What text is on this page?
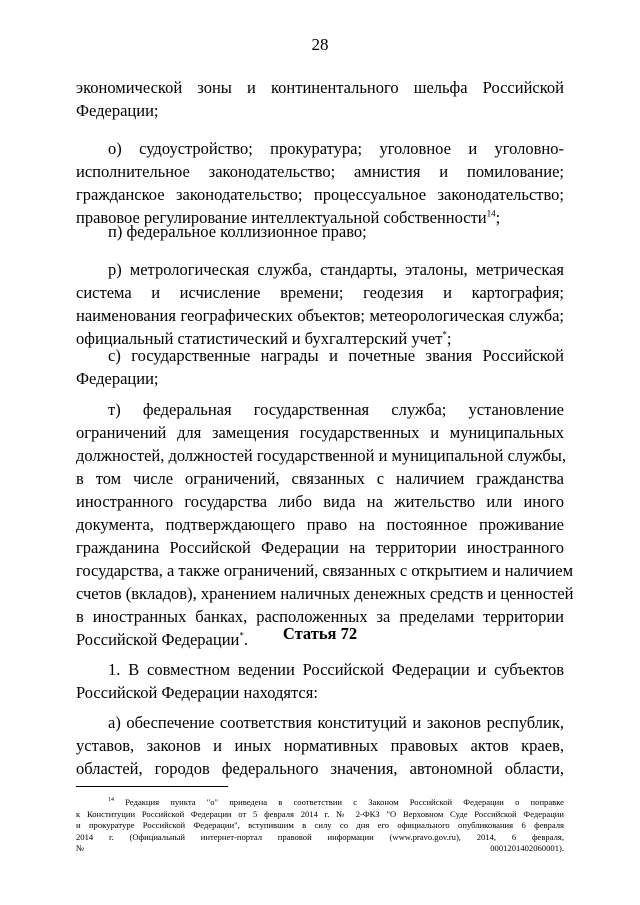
28
экономической зоны и континентального шельфа Российской
Федерации;
о) судоустройство; прокуратура; уголовное и уголовно-
исполнительное законодательство; амнистия и помилование;
гражданское законодательство; процессуальное законодательство;
правовое регулирование интеллектуальной собственности$^{14}$;
п) федеральное коллизионное право;
р) метрологическая служба, стандарты, эталоны, метрическая
система и исчисление времени; геодезия и картография;
наименования географических объектов; метеорологическая служба;
официальный статистический и бухгалтерский учет*;
с) государственные награды и почетные звания Российской
Федерации;
т) федеральная государственная служба; установление
ограничений для замещения государственных и муниципальных
должностей, должностей государственной и муниципальной службы,
в том числе ограничений, связанных с наличием гражданства
иностранного государства либо вида на жительство или иного
документа, подтверждающего право на постоянное проживание
гражданина Российской Федерации на территории иностранного
государства, а также ограничений, связанных с открытием и наличием
счетов (вкладов), хранением наличных денежных средств и ценностей
в иностранных банках, расположенных за пределами территории
Российской Федерации*.	Статья 72
1. В совместном ведении Российской Федерации и субъектов
Российской Федерации находятся:
а) обеспечение соответствия конституций и законов республик,
уставов, законов и иных нормативных правовых актов краев,
областей, городов федерального значения, автономной области,
$^{14}$ Редакция пункта "о" приведена в соответствии с Законом Российской Федерации о поправке
к Конституции Российской Федерации от 5 февраля 2014 г. № 2-ФКЗ "О Верховном Суде Российской Федерации
и прокуратуре Российской Федерации", вступившим в силу со дня его официального опубликования 6 февраля
2014 г. (Официальный интернет-портал правовой информации (www.pravo.gov.ru), 2014, 6 февраля,
№ 0001201402060001).
